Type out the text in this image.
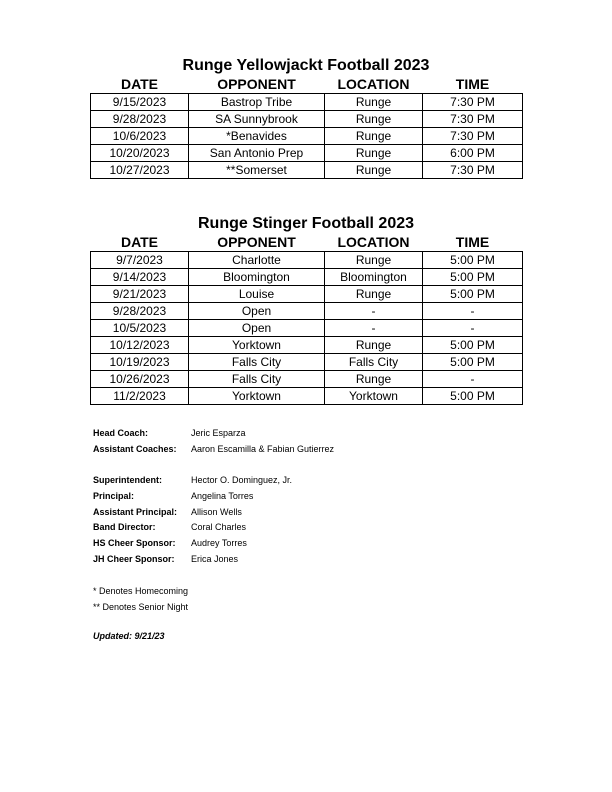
Runge Yellowjackt Football 2023
DATE	OPPONENT	LOCATION	TIME
9/15/2023	Bastrop Tribe	Runge	7:30 PM
9/28/2023	SA Sunnybrook	Runge	7:30 PM
10/6/2023	*Benavides	Runge	7:30 PM
10/20/2023	San Antonio Prep	Runge	6:00 PM
10/27/2023	**Somerset	Runge	7:30 PM
Runge Stinger Football 2023
DATE	OPPONENT	LOCATION	TIME
9/7/2023	Charlotte	Runge	5:00 PM
9/14/2023	Bloomington	Bloomington	5:00 PM
9/21/2023	Louise	Runge	5:00 PM
9/28/2023	Open	-	-
10/5/2023	Open	-	-
10/12/2023	Yorktown	Runge	5:00 PM
10/19/2023	Falls City	Falls City	5:00 PM
10/26/2023	Falls City	Runge	-
11/2/2023	Yorktown	Yorktown	5:00 PM
Head Coach:	Jeric Esparza
Assistant Coaches:	Aaron Escamilla & Fabian Gutierrez
Superintendent:	Hector O. Dominguez, Jr.
Principal:	Angelina Torres
Assistant Principal:	Allison Wells
Band Director:	Coral Charles
HS Cheer Sponsor:	Audrey Torres
JH Cheer Sponsor:	Erica Jones
* Denotes Homecoming
** Denotes Senior Night
Updated: 9/21/23
